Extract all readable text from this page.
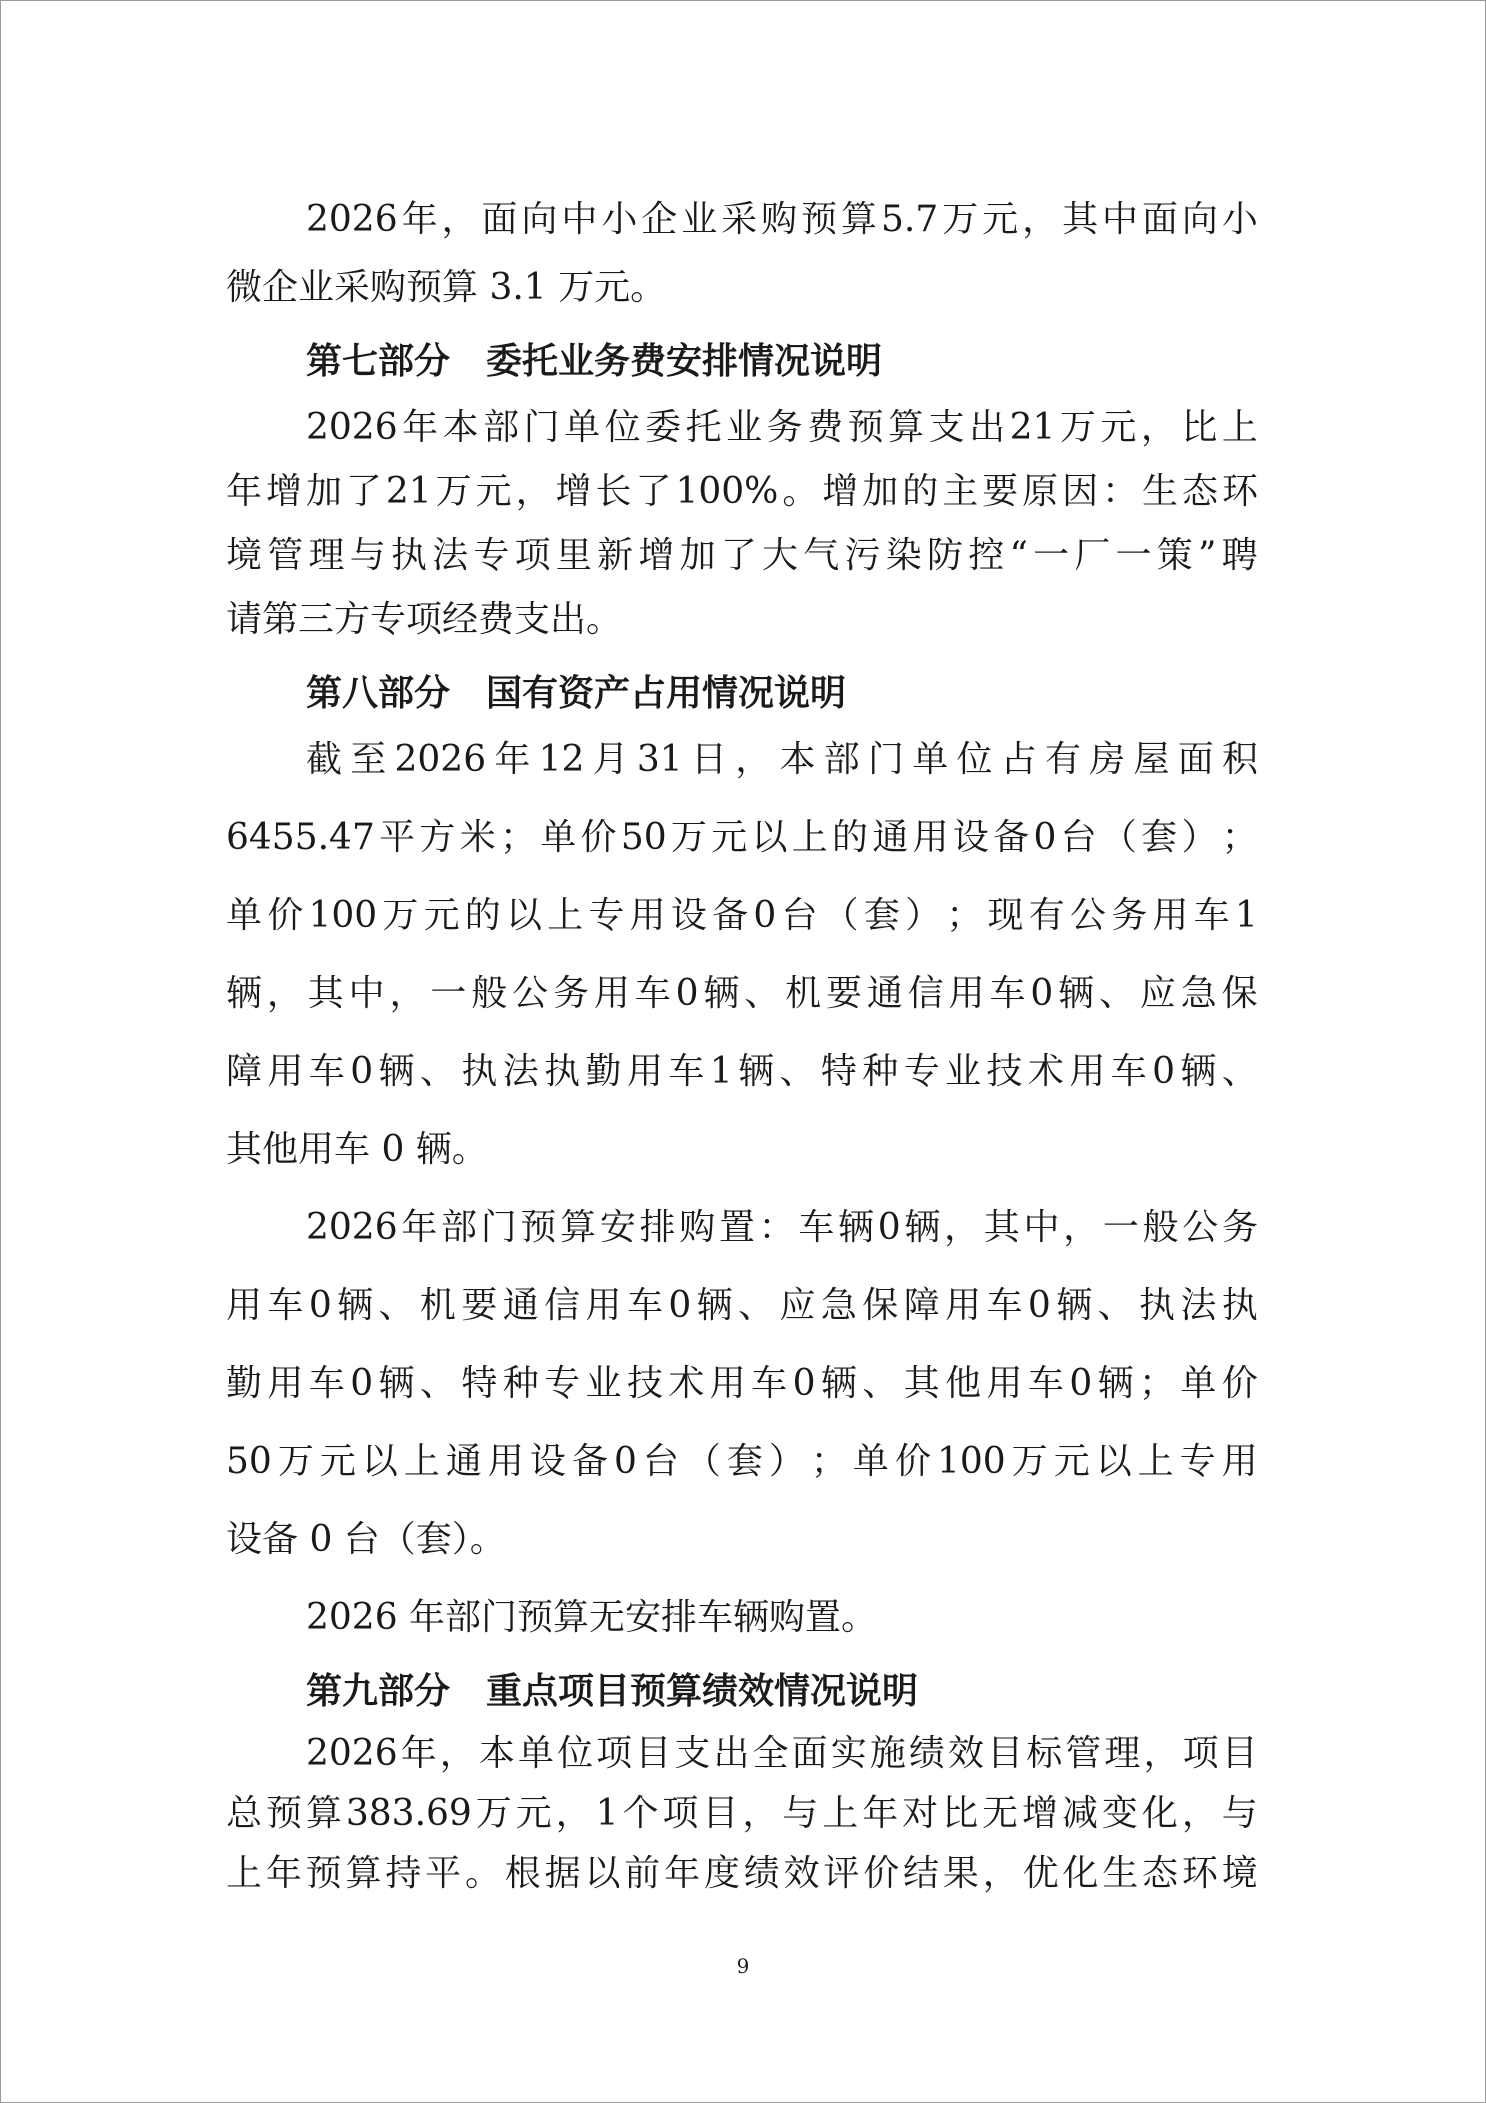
2026 年 ， 面 向 中 小 企 业 采 购 预 算 5.7 万 元 ， 其 中 面 向 小
微企业采购预算 3.1 万元。
第七部分　委托业务费安排情况说明
2026 年 本 部 门 单 位 委 托 业 务 费 预 算 支 出 21 万 元 ， 比 上
年 增 加 了 21 万 元 ， 增 长 了 100% 。 增 加 的 主 要 原 因 ： 生 态 环
境 管 理 与 执 法 专 项 里 新 增 加 了 大 气 污 染 防 控 “ 一 厂 一 策 ” 聘
请第三方专项经费支出。
第八部分　国有资产占用情况说明
截 至 2026 年 12 月 31 日 ， 本 部 门 单 位 占 有 房 屋 面 积
6455.47 平 方 米 ； 单 价 50 万 元 以 上 的 通 用 设 备 0 台 （ 套 ） ；
单 价 100 万 元 的 以 上 专 用 设 备 0 台 （ 套 ） ； 现 有 公 务 用 车 1
辆 ， 其 中 ， 一 般 公 务 用 车 0 辆 、 机 要 通 信 用 车 0 辆 、 应 急 保
障 用 车 0 辆 、 执 法 执 勤 用 车 1 辆 、 特 种 专 业 技 术 用 车 0 辆 、
其他用车 0 辆。
2026 年 部 门 预 算 安 排 购 置 ： 车 辆 0 辆 ， 其 中 ， 一 般 公 务
用 车 0 辆 、 机 要 通 信 用 车 0 辆 、 应 急 保 障 用 车 0 辆 、 执 法 执
勤 用 车 0 辆 、 特 种 专 业 技 术 用 车 0 辆 、 其 他 用 车 0 辆 ； 单 价
50 万 元 以 上 通 用 设 备 0 台 （ 套 ） ； 单 价 100 万 元 以 上 专 用
设备 0 台（套）。
2026 年部门预算无安排车辆购置。
第九部分　重点项目预算绩效情况说明
2026 年 ， 本 单 位 项 目 支 出 全 面 实 施 绩 效 目 标 管 理 ， 项 目
总 预 算 383.69 万 元 ， 1 个 项 目 ， 与 上 年 对 比 无 增 减 变 化 ， 与
上 年 预 算 持 平 。 根 据 以 前 年 度 绩 效 评 价 结 果 ， 优 化 生 态 环 境
9
